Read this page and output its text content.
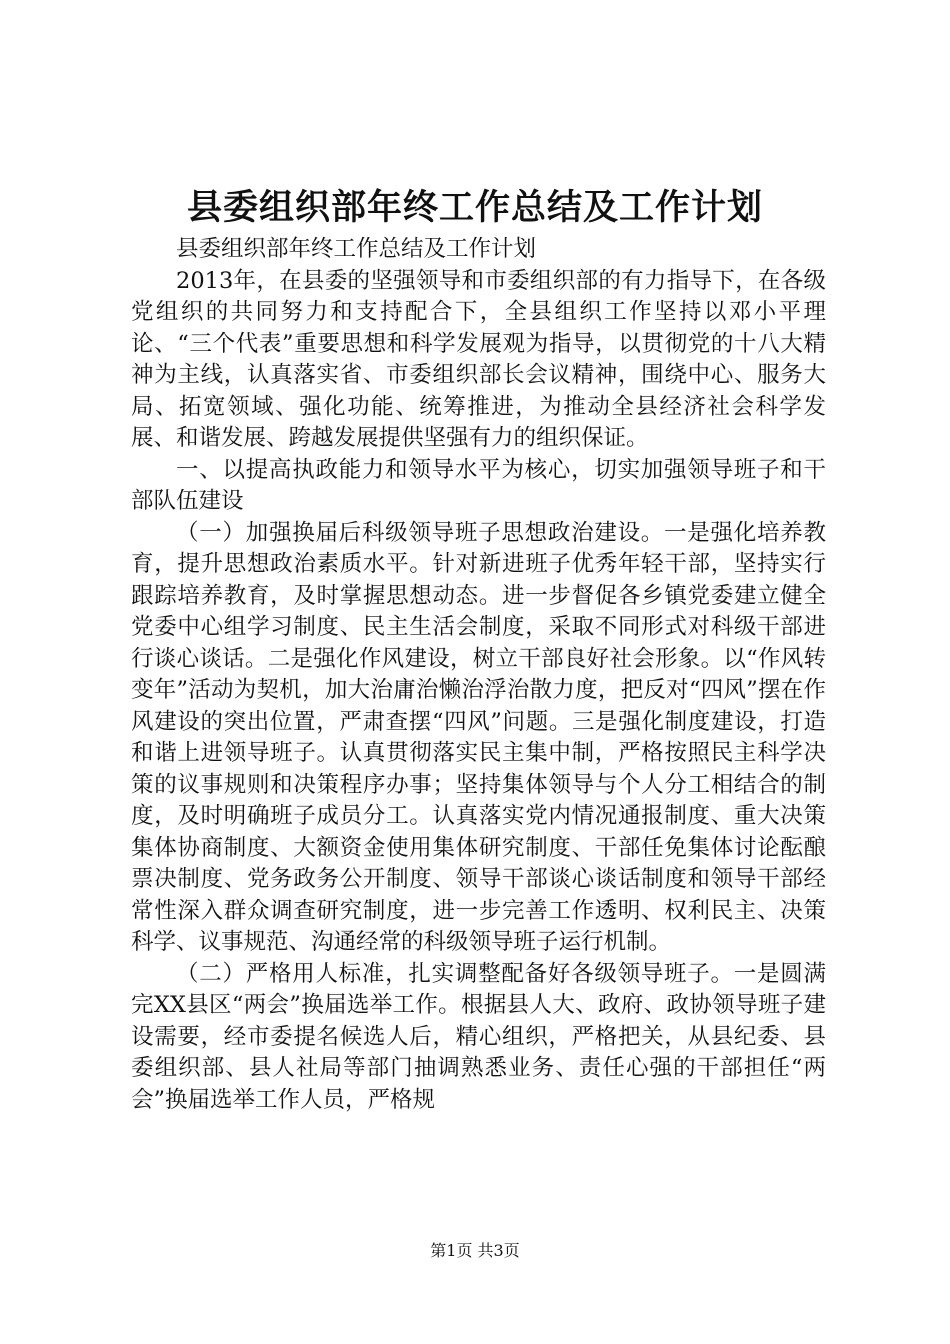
县委组织部年终工作总结及工作计划

县委组织部年终工作总结及工作计划

2013年，在县委的坚强领导和市委组织部的有力指导下，在各级党组织的共同努力和支持配合下，全县组织工作坚持以邓小平理论、“三个代表”重要思想和科学发展观为指导，以贯彻党的十八大精神为主线，认真落实省、市委组织部长会议精神，围绕中心、服务大局、拓宽领域、强化功能、统筹推进，为推动全县经济社会科学发展、和谐发展、跨越发展提供坚强有力的组织保证。

一、以提高执政能力和领导水平为核心，切实加强领导班子和干部队伍建设

（一）加强换届后科级领导班子思想政治建设。一是强化培养教育，提升思想政治素质水平。针对新进班子优秀年轻干部，坚持实行跟踪培养教育，及时掌握思想动态。进一步督促各乡镇党委建立健全党委中心组学习制度、民主生活会制度，采取不同形式对科级干部进行谈心谈话。二是强化作风建设，树立干部良好社会形象。以“作风转变年”活动为契机，加大治庸治懒治浮治散力度，把反对“四风”摆在作风建设的突出位置，严肃查摆“四风”问题。三是强化制度建设，打造和谐上进领导班子。认真贯彻落实民主集中制，严格按照民主科学决策的议事规则和决策程序办事；坚持集体领导与个人分工相结合的制度，及时明确班子成员分工。认真落实党内情况通报制度、重大决策集体协商制度、大额资金使用集体研究制度、干部任免集体讨论酝酿票决制度、党务政务公开制度、领导干部谈心谈话制度和领导干部经常性深入群众调查研究制度，进一步完善工作透明、权利民主、决策科学、议事规范、沟通经常的科级领导班子运行机制。

（二）严格用人标准，扎实调整配备好各级领导班子。一是圆满完XX县区“两会”换届选举工作。根据县人大、政府、政协领导班子建设需要，经市委提名候选人后，精心组织，严格把关，从县纪委、县委组织部、县人社局等部门抽调熟悉业务、责任心强的干部担任“两会”换届选举工作人员，严格规

第1页 共3页
